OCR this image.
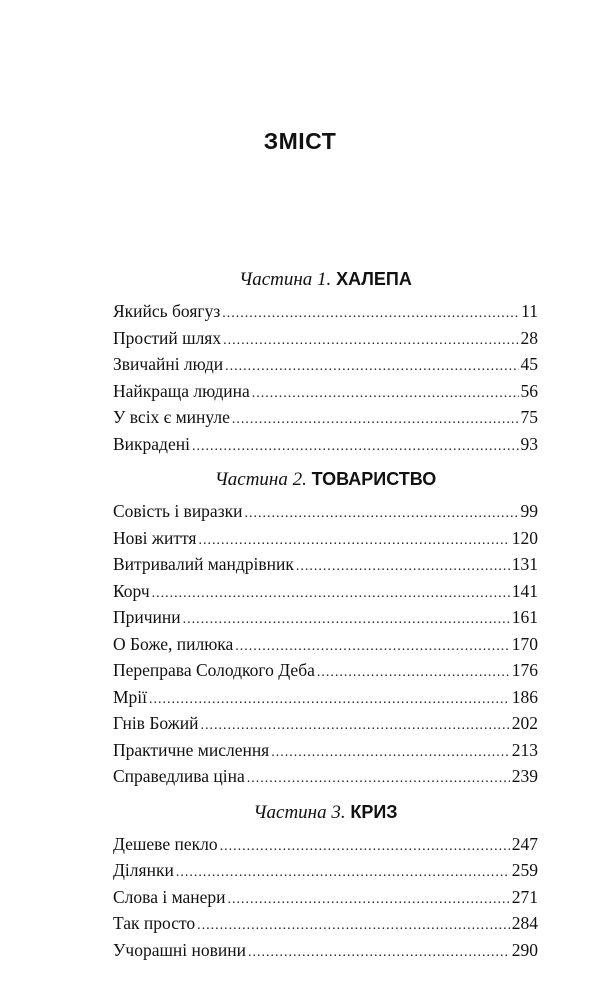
ЗМІСТ
Частина 1. ХАЛЕПА
Якийсь боягуз .....	11
Простий шлях .....	28
Звичайні люди .....	45
Найкраща людина .....	56
У всіх є минуле .....	75
Викрадені .....	93
Частина 2. ТОВАРИСТВО
Совість і виразки .....	99
Нові життя .....	120
Витривалий мандрівник .....	131
Корч .....	141
Причини .....	161
О Боже, пилюка .....	170
Переправа Солодкого Деба .....	176
Мрії .....	186
Гнів Божий .....	202
Практичне мислення .....	213
Справедлива ціна .....	239
Частина 3. КРИЗ
Дешеве пекло .....	247
Ділянки .....	259
Слова і манери .....	271
Так просто .....	284
Учорашні новини .....	290
